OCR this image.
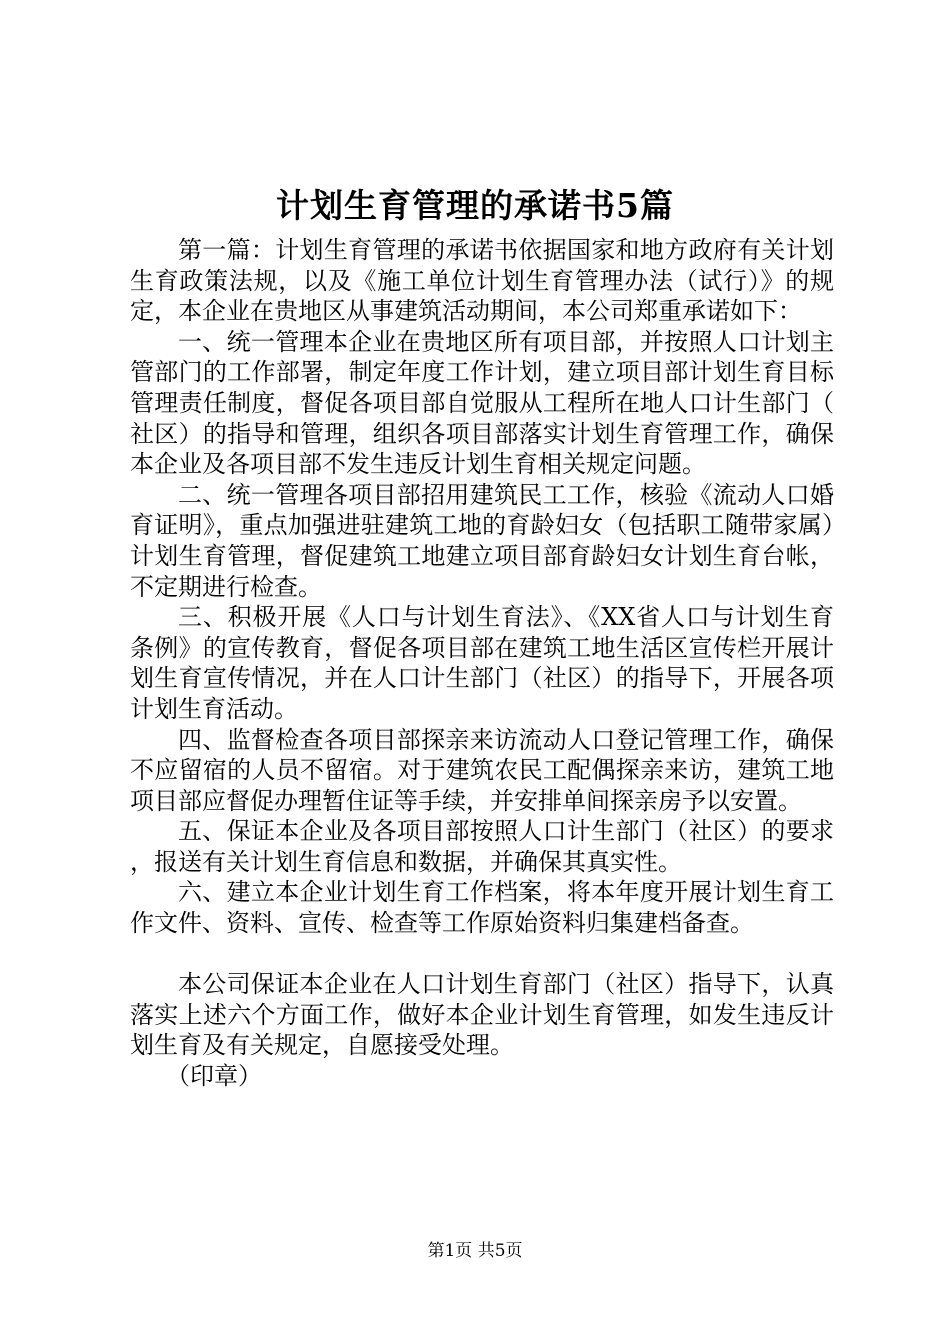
计划生育管理的承诺书5篇

第一篇：计划生育管理的承诺书依据国家和地方政府有关计划生育政策法规，以及《施工单位计划生育管理办法（试行）》的规定，本企业在贵地区从事建筑活动期间，本公司郑重承诺如下：

一、统一管理本企业在贵地区所有项目部，并按照人口计划主管部门的工作部署，制定年度工作计划，建立项目部计划生育目标管理责任制度，督促各项目部自觉服从工程所在地人口计生部门（社区）的指导和管理，组织各项目部落实计划生育管理工作，确保本企业及各项目部不发生违反计划生育相关规定问题。

二、统一管理各项目部招用建筑民工工作，核验《流动人口婚育证明》，重点加强进驻建筑工地的育龄妇女（包括职工随带家属）计划生育管理，督促建筑工地建立项目部育龄妇女计划生育台帐，不定期进行检查。

三、积极开展《人口与计划生育法》、《XX省人口与计划生育条例》的宣传教育，督促各项目部在建筑工地生活区宣传栏开展计划生育宣传情况，并在人口计生部门（社区）的指导下，开展各项计划生育活动。

四、监督检查各项目部探亲来访流动人口登记管理工作，确保不应留宿的人员不留宿。对于建筑农民工配偶探亲来访，建筑工地项目部应督促办理暂住证等手续，并安排单间探亲房予以安置。

五、保证本企业及各项目部按照人口计生部门（社区）的要求，报送有关计划生育信息和数据，并确保其真实性。

六、建立本企业计划生育工作档案，将本年度开展计划生育工作文件、资料、宣传、检查等工作原始资料归集建档备查。

本公司保证本企业在人口计划生育部门（社区）指导下，认真落实上述六个方面工作，做好本企业计划生育管理，如发生违反计划生育及有关规定，自愿接受处理。

（印章）

第1页 共5页
